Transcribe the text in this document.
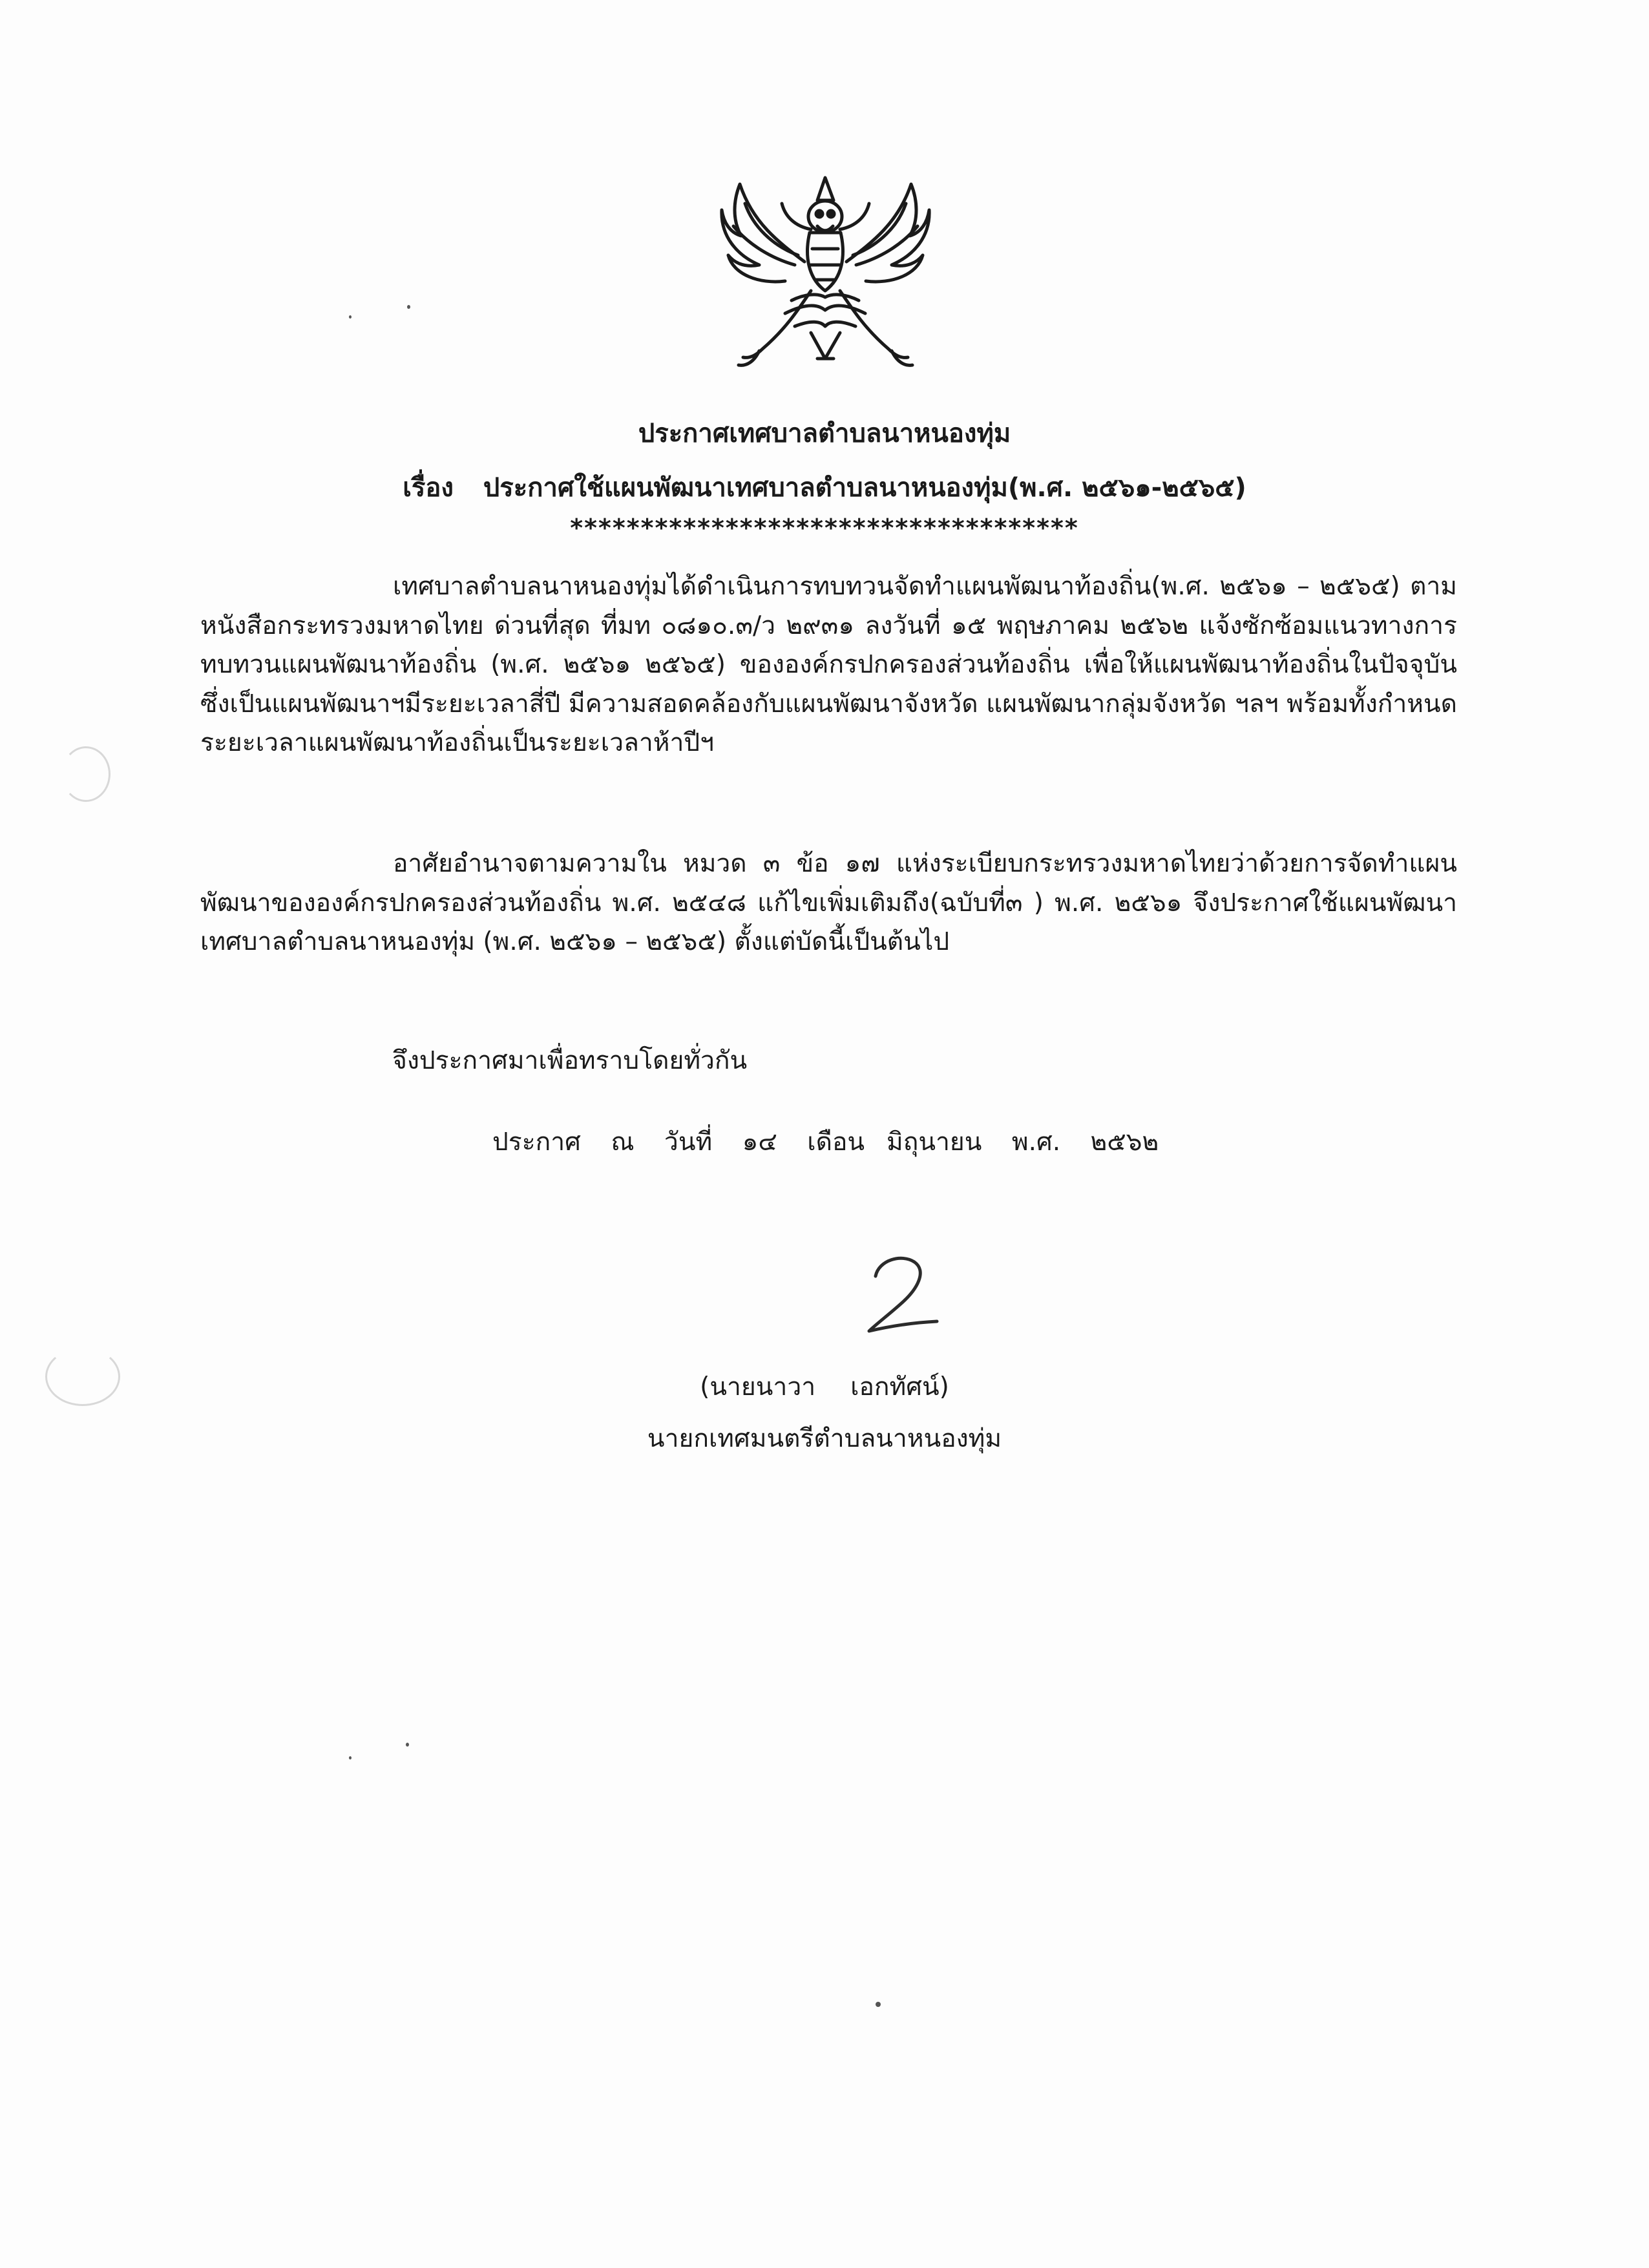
ประกาศเทศบาลตำบลนาหนองทุ่ม
เรื่อง ประกาศใช้แผนพัฒนาเทศบาลตำบลนาหนองทุ่ม(พ.ศ. ๒๕๖๑-๒๕๖๕)
************************************

เทศบาลตำบลนาหนองทุ่มได้ดำเนินการทบทวนจัดทำแผนพัฒนาท้องถิ่น(พ.ศ. ๒๕๖๑ – ๒๕๖๕) ตามหนังสือกระทรวงมหาดไทย ด่วนที่สุด ที่มท ๐๘๑๐.๓/ว ๒๙๓๑ ลงวันที่ ๑๕ พฤษภาคม ๒๕๖๒ แจ้งซักซ้อมแนวทางการทบทวนแผนพัฒนาท้องถิ่น (พ.ศ. ๒๕๖๑ ๒๕๖๕) ขององค์กรปกครองส่วนท้องถิ่น เพื่อให้แผนพัฒนาท้องถิ่นในปัจจุบัน ซึ่งเป็นแผนพัฒนาฯมีระยะเวลาสี่ปี มีความสอดคล้องกับแผนพัฒนาจังหวัด แผนพัฒนากลุ่มจังหวัด ฯลฯ พร้อมทั้งกำหนดระยะเวลาแผนพัฒนาท้องถิ่นเป็นระยะเวลาห้าปีฯ

อาศัยอำนาจตามความใน หมวด ๓ ข้อ ๑๗ แห่งระเบียบกระทรวงมหาดไทยว่าด้วยการจัดทำแผนพัฒนาขององค์กรปกครองส่วนท้องถิ่น พ.ศ. ๒๕๔๘ แก้ไขเพิ่มเติมถึง(ฉบับที่๓ ) พ.ศ. ๒๕๖๑ จึงประกาศใช้แผนพัฒนาเทศบาลตำบลนาหนองทุ่ม (พ.ศ. ๒๕๖๑ – ๒๕๖๕) ตั้งแต่บัดนี้เป็นต้นไป

จึงประกาศมาเพื่อทราบโดยทั่วกัน
ประกาศ ณ วันที่ ๑๔ เดือน มิถุนายน พ.ศ. ๒๕๖๒
(นายนาวา เอกทัศน์)
นายกเทศมนตรีตำบลนาหนองทุ่ม
